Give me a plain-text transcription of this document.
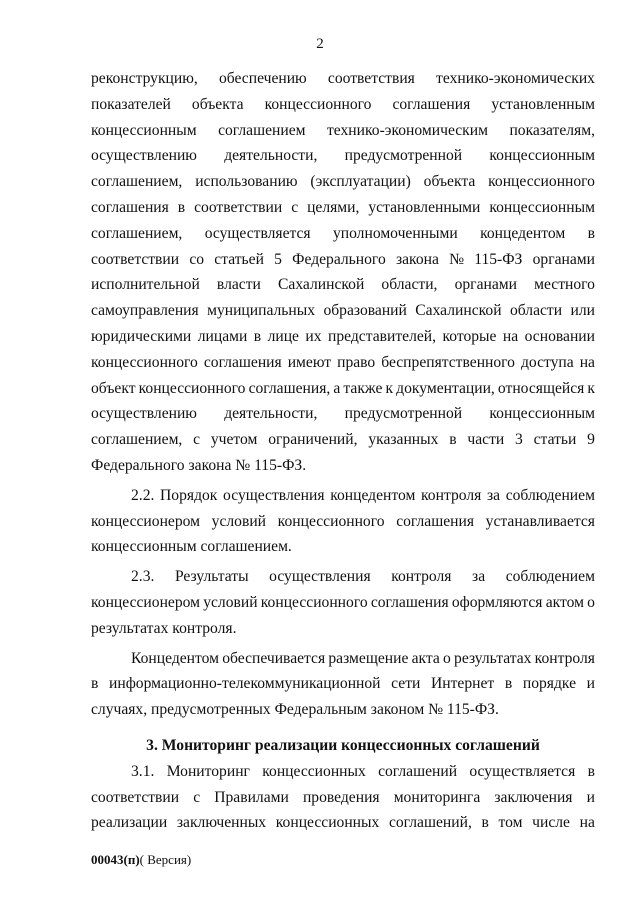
2
реконструкцию, обеспечению соответствия технико-экономических
показателей объекта концессионного соглашения установленным
концессионным соглашением технико-экономическим показателям,
осуществлению деятельности, предусмотренной концессионным
соглашением, использованию (эксплуатации) объекта концессионного
соглашения в соответствии с целями, установленными концессионным
соглашением, осуществляется уполномоченными концедентом в
соответствии со статьей 5 Федерального закона № 115-ФЗ органами
исполнительной власти Сахалинской области, органами местного
самоуправления муниципальных образований Сахалинской области или
юридическими лицами в лице их представителей, которые на основании
концессионного соглашения имеют право беспрепятственного доступа на
объект концессионного соглашения, а также к документации, относящейся к
осуществлению деятельности, предусмотренной концессионным
соглашением, с учетом ограничений, указанных в части 3 статьи 9
Федерального закона № 115-ФЗ.
2.2. Порядок осуществления концедентом контроля за соблюдением
концессионером условий концессионного соглашения устанавливается
концессионным соглашением.
2.3. Результаты осуществления контроля за соблюдением
концессионером условий концессионного соглашения оформляются актом о
результатах контроля.
Концедентом обеспечивается размещение акта о результатах контроля
в информационно-телекоммуникационной сети Интернет в порядке и
случаях, предусмотренных Федеральным законом № 115-ФЗ.
3. Мониторинг реализации концессионных соглашений
3.1. Мониторинг концессионных соглашений осуществляется в
соответствии с Правилами проведения мониторинга заключения и
реализации заключенных концессионных соглашений, в том числе на
00043(п)( Версия)
